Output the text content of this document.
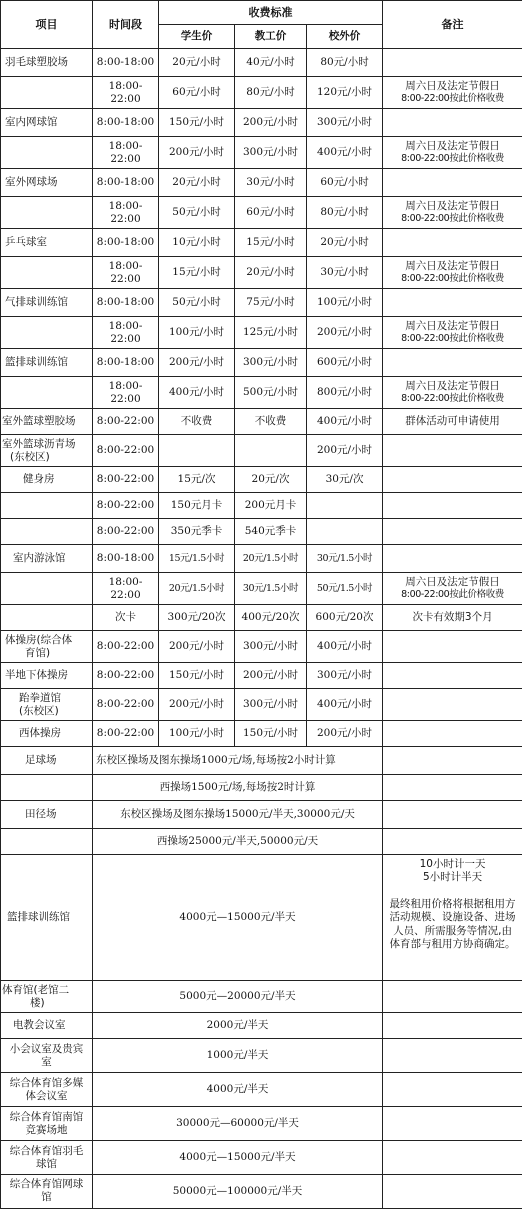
项目	时间段	收费标准			备注
		学生价	教工价	校外价	
羽毛球塑胶场	8:00-18:00	20元/小时	40元/小时	80元/小时	
	18:00-22:00	60元/小时	80元/小时	120元/小时	周六日及法定节假日
8:00-22:00按此价格收费

室内网球馆	8:00-18:00	150元/小时	200元/小时	300元/小时	
	18:00-22:00	200元/小时	300元/小时	400元/小时	周六日及法定节假日
8:00-22:00按此价格收费

室外网球场	8:00-18:00	20元/小时	30元/小时	60元/小时	
	18:00-22:00	50元/小时	60元/小时	80元/小时	周六日及法定节假日
8:00-22:00按此价格收费

乒乓球室	8:00-18:00	10元/小时	15元/小时	20元/小时	
	18:00-22:00	15元/小时	20元/小时	30元/小时	周六日及法定节假日
8:00-22:00按此价格收费

气排球训练馆	8:00-18:00	50元/小时	75元/小时	100元/小时	
	18:00-22:00	100元/小时	125元/小时	200元/小时	周六日及法定节假日
8:00-22:00按此价格收费

篮排球训练馆	8:00-18:00	200元/小时	300元/小时	600元/小时	
	18:00-22:00	400元/小时	500元/小时	800元/小时	周六日及法定节假日
8:00-22:00按此价格收费

室外篮球塑胶场	8:00-22:00	不收费	不收费	400元/小时	群体活动可申请使用

室外篮球沥青场
(东校区)	8:00-22:00			200元/小时	
健身房	8:00-22:00	15元/次	20元/次	30元/次	
	8:00-22:00	150元月卡	200元月卡		
	8:00-22:00	350元季卡	540元季卡		
室内游泳馆	8:00-18:00	15元/1.5小时	20元/1.5小时	30元/1.5小时	
	18:00-22:00	20元/1.5小时	30元/1.5小时	50元/1.5小时	周六日及法定节假日
8:00-22:00按此价格收费

	次卡	300元/20次	400元/20次	600元/20次	次卡有效期3个月

体操房(综合体
育馆)	8:00-22:00	200元/小时	300元/小时	400元/小时	
半地下体操房	8:00-22:00	150元/小时	200元/小时	300元/小时	

跆拳道馆
(东校区)	8:00-22:00	200元/小时	300元/小时	400元/小时	
西体操房	8:00-22:00	100元/小时	150元/小时	200元/小时	
足球场	东校区操场及图东操场1000元/场,每场按2小时计算				
	西操场1500元/场,每场按2时计算				
田径场	东校区操场及图东操场15000元/半天,30000元/天				
	西操场25000元/半天,50000元/天				
篮排球训练馆	4000元—15000元/半天				10小时计一天
5小时计半天
最终租用价格将根据租用方活动规模、设施设备、进场人员、所需服务等情况,由体育部与租用方协商确定。

体育馆(老馆二
楼)	5000元—20000元/半天				
电教会议室	2000元/半天				

小会议室及贵宾
室	1000元/半天				

综合体育馆多媒
体会议室	4000元/半天				

综合体育馆南馆
竞赛场地	30000元—60000元/半天				

综合体育馆羽毛
球馆	4000元—15000元/半天				

综合体育馆网球
馆	50000元—100000元/半天				
